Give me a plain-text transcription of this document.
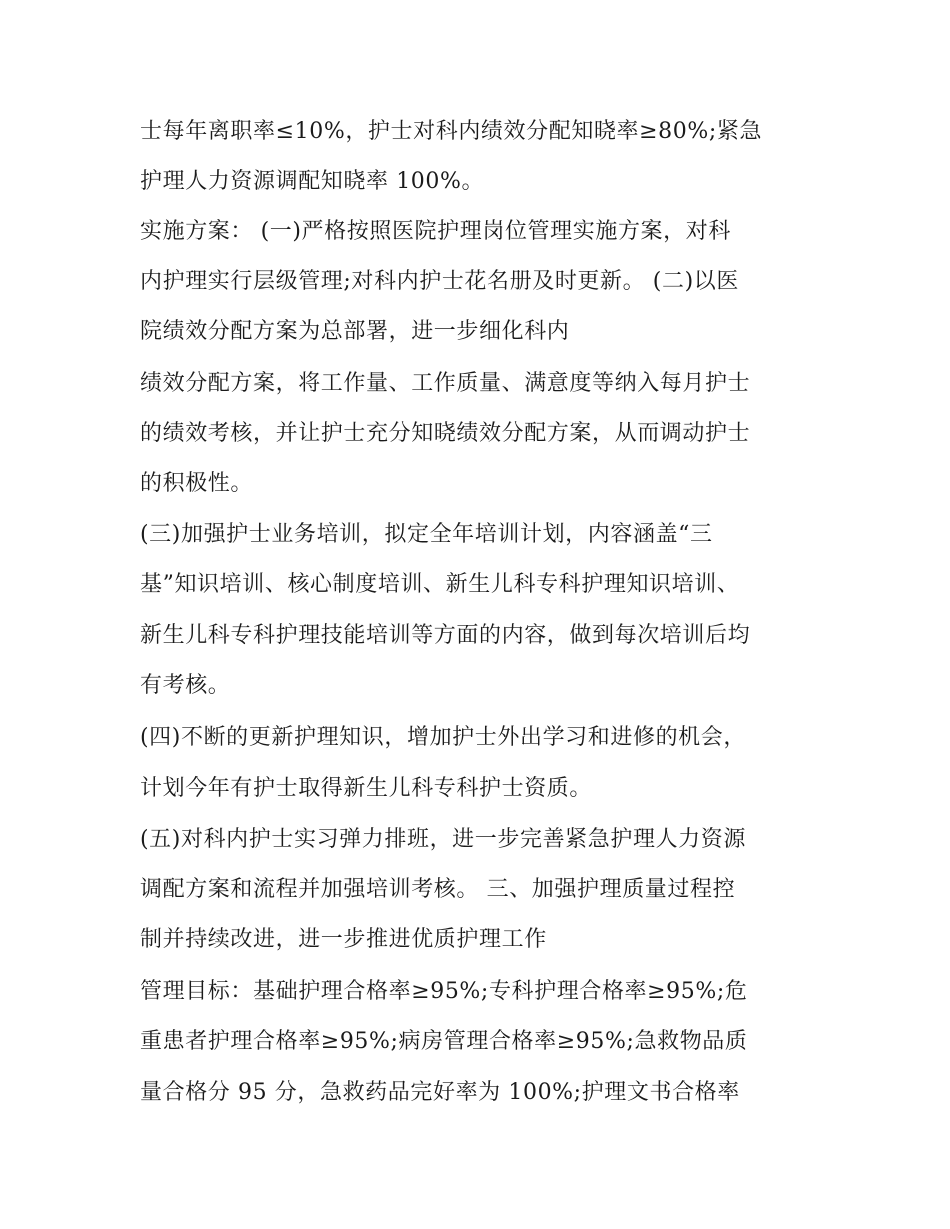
士每年离职率≤10%，护士对科内绩效分配知晓率≥80%;紧急
护理人力资源调配知晓率 100%。
实施方案： (一)严格按照医院护理岗位管理实施方案，对科
内护理实行层级管理;对科内护士花名册及时更新。 (二)以医
院绩效分配方案为总部署，进一步细化科内
绩效分配方案，将工作量、工作质量、满意度等纳入每月护士
的绩效考核，并让护士充分知晓绩效分配方案，从而调动护士
的积极性。
(三)加强护士业务培训，拟定全年培训计划，内容涵盖“三
基”知识培训、核心制度培训、新生儿科专科护理知识培训、
新生儿科专科护理技能培训等方面的内容，做到每次培训后均
有考核。
(四)不断的更新护理知识，增加护士外出学习和进修的机会，
计划今年有护士取得新生儿科专科护士资质。
(五)对科内护士实习弹力排班，进一步完善紧急护理人力资源
调配方案和流程并加强培训考核。 三、加强护理质量过程控
制并持续改进，进一步推进优质护理工作
管理目标：基础护理合格率≥95%;专科护理合格率≥95%;危
重患者护理合格率≥95%;病房管理合格率≥95%;急救物品质
量合格分 95 分，急救药品完好率为 100%;护理文书合格率
